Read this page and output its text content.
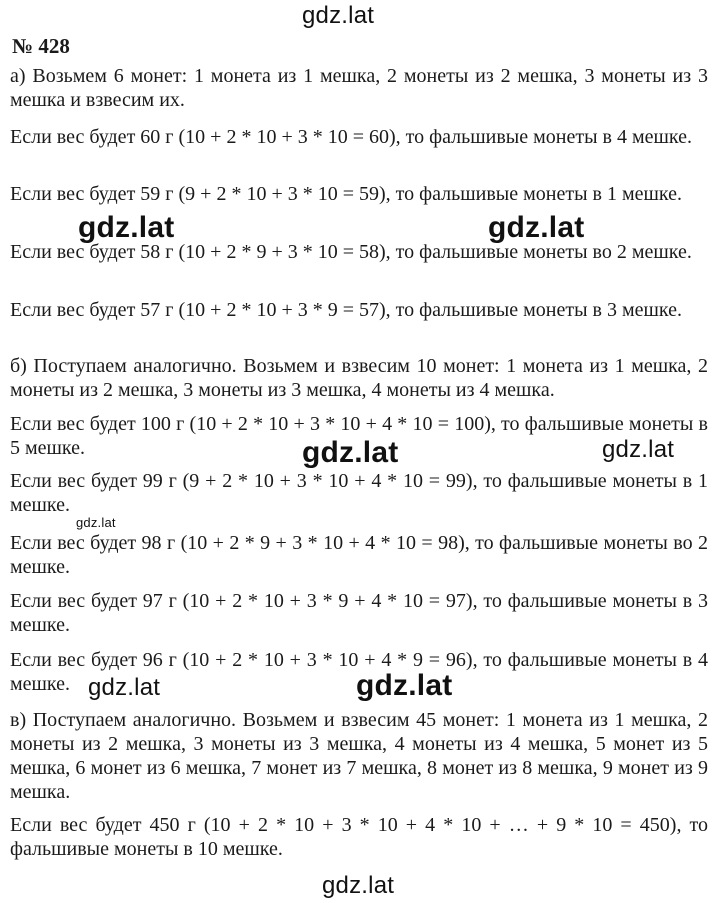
№ 428

а) Возьмем 6 монет: 1 монета из 1 мешка, 2 монеты из 2 мешка, 3 монеты из 3 мешка и взвесим их.

Если вес будет 60 г (10 + 2 * 10 + 3 * 10 = 60), то фальшивые монеты в 4 мешке.

Если вес будет 59 г (9 + 2 * 10 + 3 * 10 = 59), то фальшивые монеты в 1 мешке.

Если вес будет 58 г (10 + 2 * 9 + 3 * 10 = 58), то фальшивые монеты во 2 мешке.

Если вес будет 57 г (10 + 2 * 10 + 3 * 9 = 57), то фальшивые монеты в 3 мешке.

б) Поступаем аналогично. Возьмем и взвесим 10 монет: 1 монета из 1 мешка, 2 монеты из 2 мешка, 3 монеты из 3 мешка, 4 монеты из 4 мешка.

Если вес будет 100 г (10 + 2 * 10 + 3 * 10 + 4 * 10 = 100), то фальшивые монеты в 5 мешке.

Если вес будет 99 г (9 + 2 * 10 + 3 * 10 + 4 * 10 = 99), то фальшивые монеты в 1 мешке.

Если вес будет 98 г (10 + 2 * 9 + 3 * 10 + 4 * 10 = 98), то фальшивые монеты во 2 мешке.

Если вес будет 97 г (10 + 2 * 10 + 3 * 9 + 4 * 10 = 97), то фальшивые монеты в 3 мешке.

Если вес будет 96 г (10 + 2 * 10 + 3 * 10 + 4 * 9 = 96), то фальшивые монеты в 4 мешке.

в) Поступаем аналогично. Возьмем и взвесим 45 монет: 1 монета из 1 мешка, 2 монеты из 2 мешка, 3 монеты из 3 мешка, 4 монеты из 4 мешка, 5 монет из 5 мешка, 6 монет из 6 мешка, 7 монет из 7 мешка, 8 монет из 8 мешка, 9 монет из 9 мешка.

Если вес будет 450 г (10 + 2 * 10 + 3 * 10 + 4 * 10 + … + 9 * 10 = 450), то фальшивые монеты в 10 мешке.

gdz.lat
gdz.lat	gdz.lat
gdz.lat	gdz.lat
gdz.lat
gdz.lat	gdz.lat
gdz.lat
